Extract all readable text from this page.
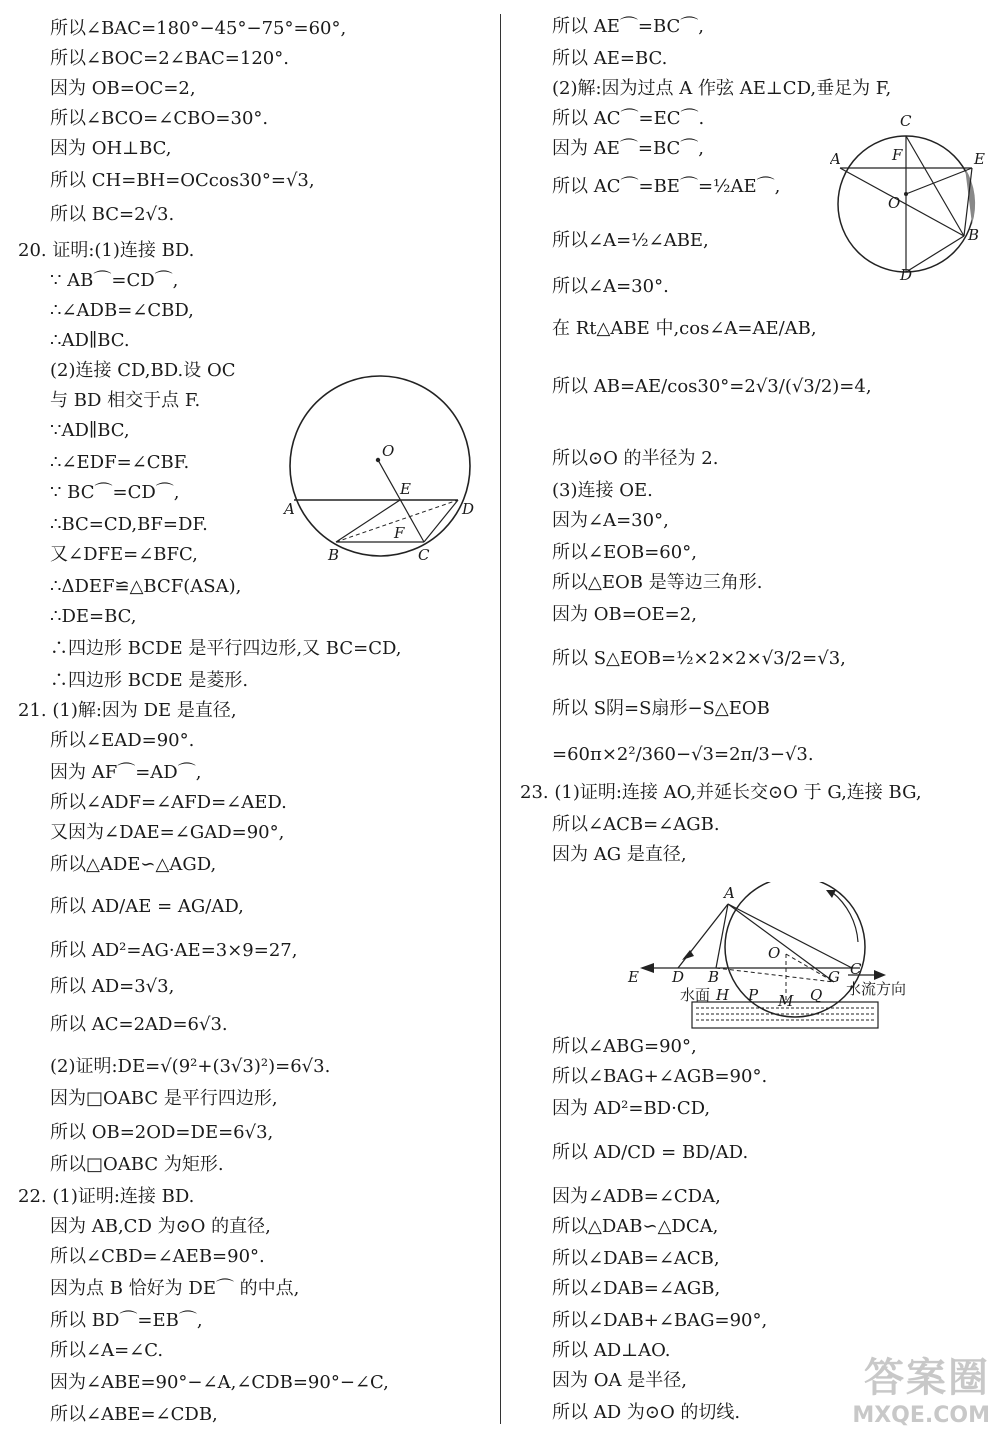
所以∠BAC=180°−45°−75°=60°,
所以∠BOC=2∠BAC=120°.
因为 OB=OC=2,
所以∠BCO=∠CBO=30°.
因为 OH⊥BC,
所以 CH=BH=OCcos30°=√3,
所以 BC=2√3.
20. 证明:(1)连接 BD.
∵ AB⌒=CD⌒,
∴∠ADB=∠CBD,
∴AD∥BC.
(2)连接 CD,BD.设 OC
与 BD 相交于点 F.
∵AD∥BC,
∴∠EDF=∠CBF.
∵ BC⌒=CD⌒,
∴BC=CD,BF=DF.
又∠DFE=∠BFC,
∴ΔDEF≌△BCF(ASA),
∴DE=BC,
∴四边形 BCDE 是平行四边形,又 BC=CD,
∴四边形 BCDE 是菱形.
21. (1)解:因为 DE 是直径,
所以∠EAD=90°.
因为 AF⌒=AD⌒,
所以∠ADF=∠AFD=∠AED.
又因为∠DAE=∠GAD=90°,
所以△ADE∽△AGD,
所以 AD/AE = AG/AD,
所以 AD²=AG·AE=3×9=27,
所以 AD=3√3,
所以 AC=2AD=6√3.
(2)证明:DE=√(9²+(3√3)²)=6√3.
因为□OABC 是平行四边形,
所以 OB=2OD=DE=6√3,
所以□OABC 为矩形.
22. (1)证明:连接 BD.
因为 AB,CD 为⊙O 的直径,
所以∠CBD=∠AEB=90°.
因为点 B 恰好为 DE⌒ 的中点,
所以 BD⌒=EB⌒,
所以∠A=∠C.
因为∠ABE=90°−∠A,∠CDB=90°−∠C,
所以∠ABE=∠CDB,
所以 AE⌒=BC⌒,
所以 AE=BC.
(2)解:因为过点 A 作弦 AE⊥CD,垂足为 F,
所以 AC⌒=EC⌒.
因为 AE⌒=BC⌒,
所以 AC⌒=BE⌒=½AE⌒,
所以∠A=½∠ABE,
所以∠A=30°.
在 Rt△ABE 中,cos∠A=AE/AB,
所以 AB=AE/cos30°=2√3/(√3/2)=4,
所以⊙O 的半径为 2.
(3)连接 OE.
因为∠A=30°,
所以∠EOB=60°,
所以△EOB 是等边三角形.
因为 OB=OE=2,
所以 S△EOB=½×2×2×√3/2=√3,
所以 S阴=S扇形−S△EOB
=60π×2²/360−√3=2π/3−√3.
23. (1)证明:连接 AO,并延长交⊙O 于 G,连接 BG,
所以∠ACB=∠AGB.
因为 AG 是直径,
所以∠ABG=90°,
所以∠BAG+∠AGB=90°.
因为 AD²=BD·CD,
所以 AD/CD = BD/AD.
因为∠ADB=∠CDA,
所以△DAB∽△DCA,
所以∠DAB=∠ACB,
所以∠DAB=∠AGB,
所以∠DAB+∠BAG=90°,
所以 AD⊥AO.
因为 OA 是半径,
所以 AD 为⊙O 的切线.
O
A
B	C
D
E
F
C
A	F	E
O
B
D
A
E D B
O
G C
水面 H P M Q 水流方向
答案圈
MXQE.COM
